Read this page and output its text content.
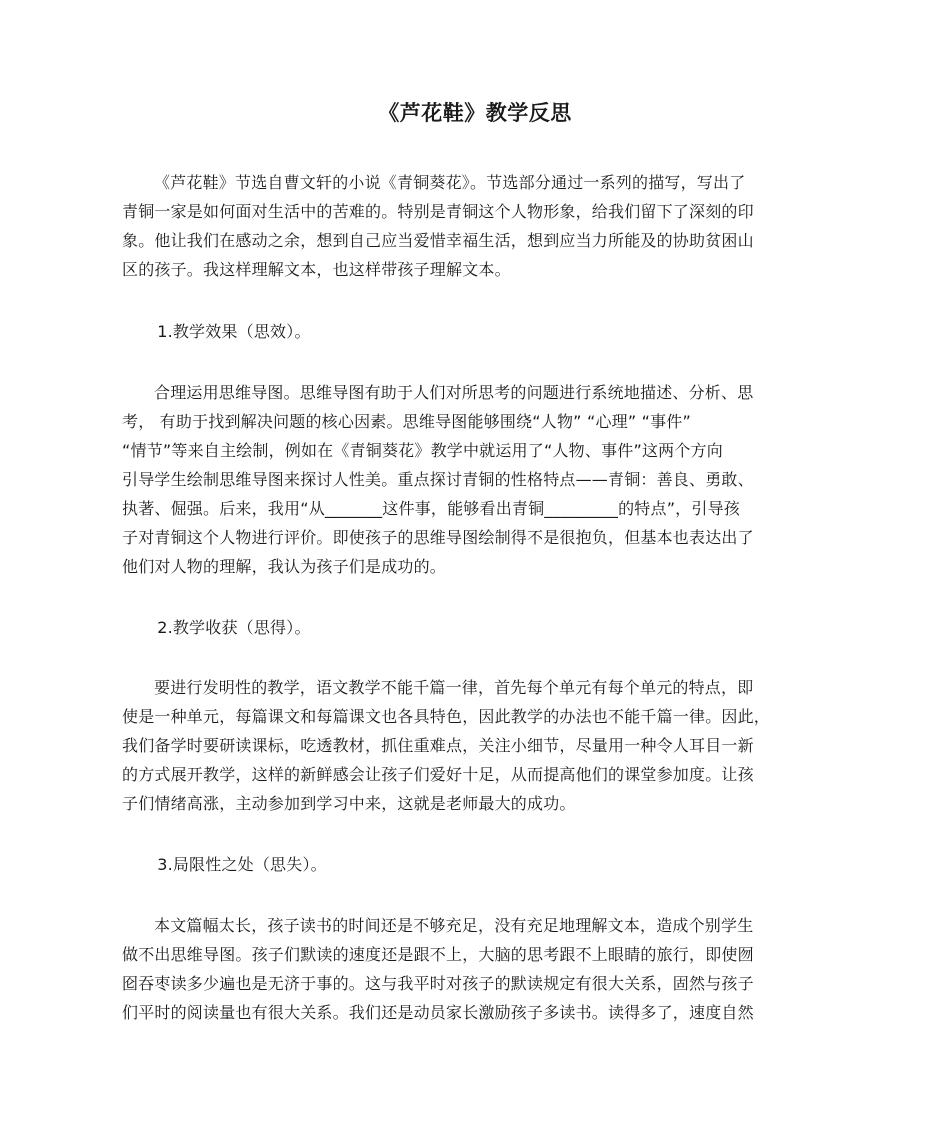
《芦花鞋》教学反思

《芦花鞋》节选自曹文轩的小说《青铜葵花》。节选部分通过一系列的描写，写出了
青铜一家是如何面对生活中的苦难的。特别是青铜这个人物形象，给我们留下了深刻的印
象。他让我们在感动之余，想到自己应当爱惜幸福生活，想到应当力所能及的协助贫困山
区的孩子。我这样理解文本，也这样带孩子理解文本。

1.教学效果（思效）。

合理运用思维导图。思维导图有助于人们对所思考的问题进行系统地描述、分析、思
考， 有助于找到解决问题的核心因素。思维导图能够围绕“人物” “心理” “事件”
“情节”等来自主绘制，例如在《青铜葵花》教学中就运用了“人物、事件”这两个方向
引导学生绘制思维导图来探讨人性美。重点探讨青铜的性格特点——青铜：善良、勇敢、
执著、倔强。后来，我用“从_______这件事，能够看出青铜_________的特点”，引导孩
子对青铜这个人物进行评价。即使孩子的思维导图绘制得不是很抱负，但基本也表达出了
他们对人物的理解，我认为孩子们是成功的。

2.教学收获（思得）。

要进行发明性的教学，语文教学不能千篇一律，首先每个单元有每个单元的特点，即
使是一种单元，每篇课文和每篇课文也各具特色，因此教学的办法也不能千篇一律。因此，
我们备学时要研读课标，吃透教材，抓住重难点，关注小细节，尽量用一种令人耳目一新
的方式展开教学，这样的新鲜感会让孩子们爱好十足，从而提高他们的课堂参加度。让孩
子们情绪高涨，主动参加到学习中来，这就是老师最大的成功。

3.局限性之处（思失）。

本文篇幅太长，孩子读书的时间还是不够充足，没有充足地理解文本，造成个别学生
做不出思维导图。孩子们默读的速度还是跟不上，大脑的思考跟不上眼睛的旅行，即使囫
囵吞枣读多少遍也是无济于事的。这与我平时对孩子的默读规定有很大关系，固然与孩子
们平时的阅读量也有很大关系。我们还是动员家长激励孩子多读书。读得多了，速度自然
